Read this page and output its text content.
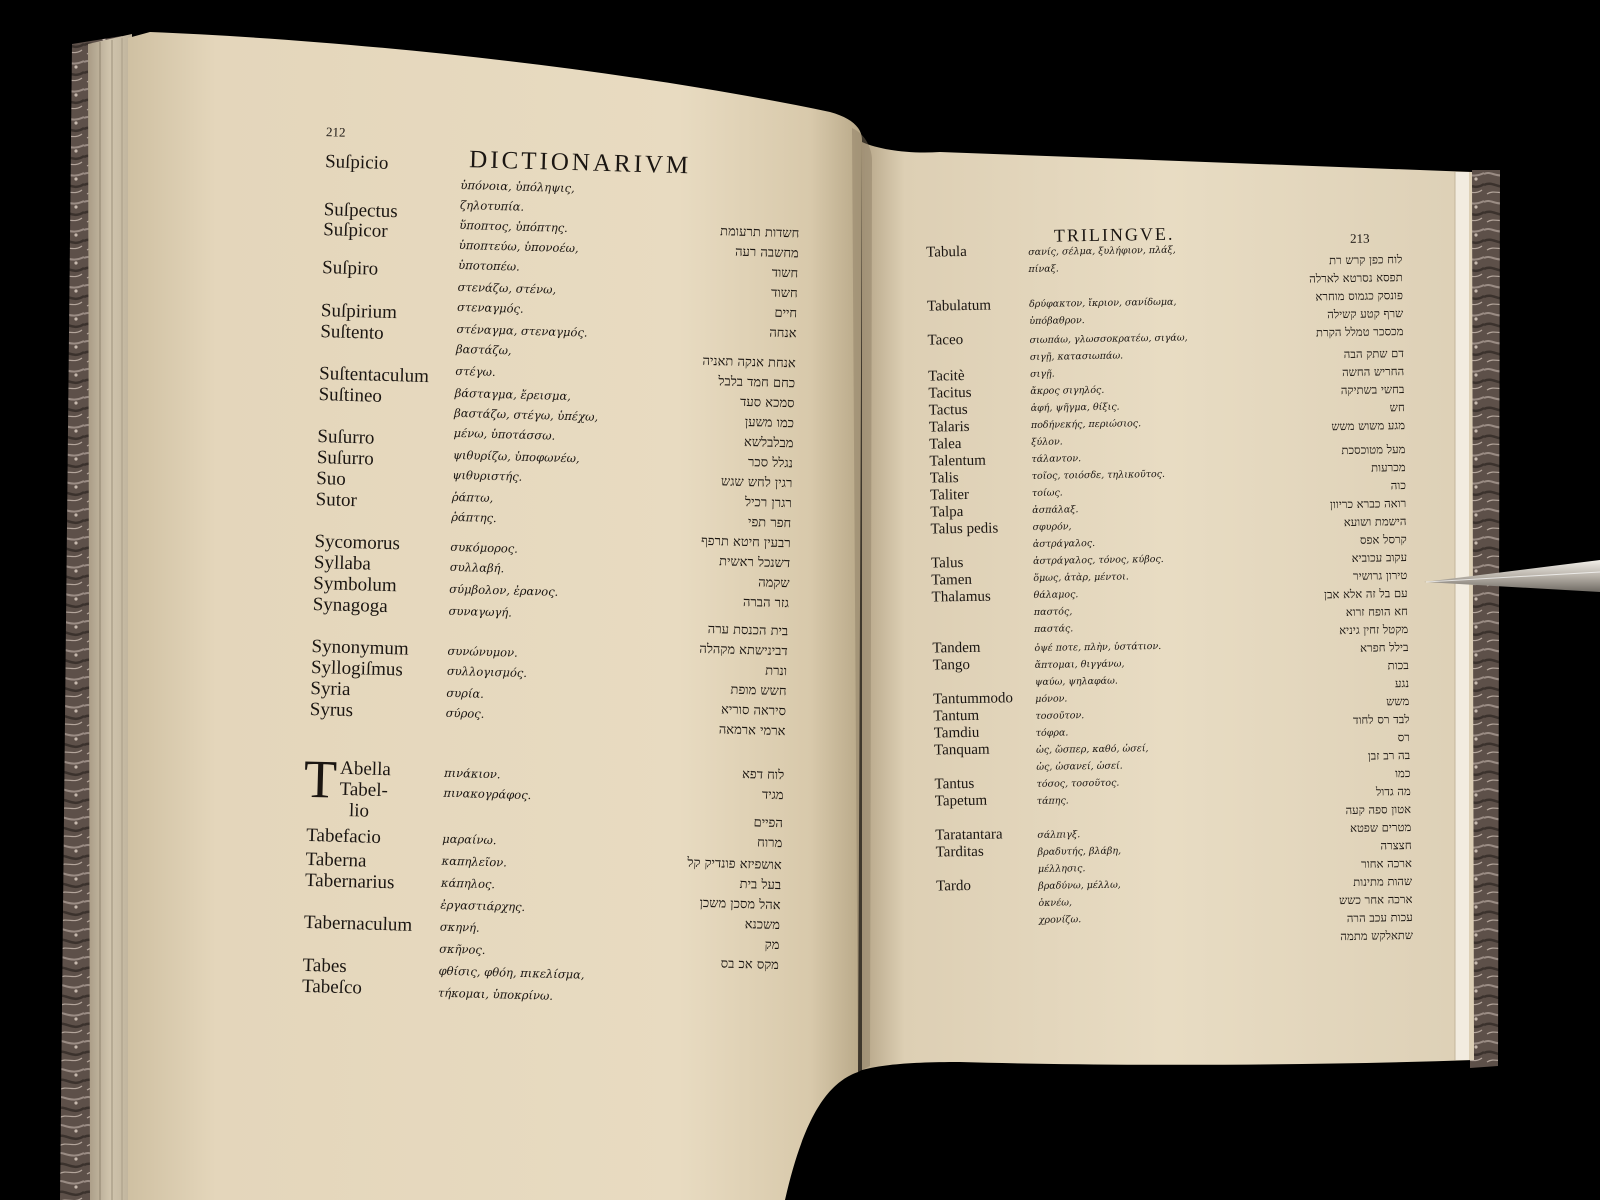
212
DICTIONARIVM
T
Suſpicio
Suſpectus
Suſpicor
Suſpiro
Suſpirium
Suſtento
Suſtentaculum
Suſtineo
Suſurro
Suſurro
Suo
Sutor
Sycomorus
Syllaba
Symbolum
Synagoga
Synonymum
Syllogiſmus
Syria
Syrus
Abella
Tabel-
lio
Tabefacio
Taberna
Tabernarius
Tabernaculum
Tabes
Tabeſco
ὑπόνοια, ὑπόληψις,
ζηλοτυπία.
ὕποπτος, ὑπόπτης.
ὑποπτεύω, ὑπονοέω,
ὑποτοπέω.
στενάζω, στένω,
στεναγμός.
στέναγμα, στεναγμός.
βαστάζω,
στέγω.
βάσταγμα, ἔρεισμα,
βαστάζω, στέγω, ὑπέχω,
μένω, ὑποτάσσω.
ψιθυρίζω, ὑποφωνέω,
ψιθυριστής.
ῥάπτω,
ῥάπτης.
συκόμορος.
συλλαβή.
σύμβολον, ἐρανος.
συναγωγή.
συνώνυμον.
συλλογισμός.
συρία.
σύρος.
πινάκιον.
πινακογράφος.
μαραίνω.
καπηλεῖον.
κάπηλος.
ἐργαστιάρχης.
σκηνή.
σκῆνος.
φθίσις, φθόη, πικελίσμα,
τήκομαι, ὑποκρίνω.
חשדות תרעומת
מחשבה רעה
חשוד
חשוד
חיים
אנחה
אנחת אנקה תאניה
כחם חמד בלבל
סמכא סעד
כמו משען
מבלבלשא
נגלל סכר
רגין לחש שגש
רגרן רכיל
חפר תפי
רבעין חיטא תרפף
דשנכל ראשית
שקמה
גזר הברה
בית הכנסת ערה
דבינישתא מקהלה
ונרת
חשש מופת
סיראה סוריא
ארמי ארמאה
לוח דפא
מגיד
הפיים
מרוח
אושפיזא פונדיק קל
בעל בית
אהל מסכן משכן
משכנא
מק
מקס אכ בס
TRILINGVE.	213
Tabula
Tabulatum
Taceo
Tacitè
Tacitus
Tactus
Talaris
Talea
Talentum
Talis
Taliter
Talpa
Talus pedis
Talus
Tamen
Thalamus
Tandem
Tango
Tantummodo
Tantum
Tamdiu
Tanquam
Tantus
Tapetum
Taratantara
Tarditas
Tardo
σανίς, σέλμα, ξυλήφιον, πλάξ,
πίναξ.
δρύφακτον, ἴκριον, σανίδωμα,
ὑπόβαθρον.
σιωπάω, γλωσσοκρατέω, σιγάω,
σιγῇ, κατασιωπάω.
σιγῇ.
ἄκρος σιγηλός.
ἁφή, ψῆγμα, θίξις.
ποδήνεκής, περιώσιος.
ξύλον.
τάλαντον.
τοῖος, τοιόσδε, τηλικοῦτος.
τοίως.
ἀσπάλαξ.
σφυρόν,
ἀστράγαλος.
ἀστράγαλος, τόνος, κύβος.
ὅμως, ἀτὰρ, μέντοι.
θάλαμος.
παστός,
παστάς.
ὀψέ ποτε, πλὴν, ὑστάτιον.
ἅπτομαι, θιγγάνω,
ψαύω, ψηλαφάω.
μόνον.
τοσοῦτον.
τόφρα.
ὡς, ὥσπερ, καθό, ὡσεί,
ὡς, ὡσανεί, ὡσεί.
τόσος, τοσοῦτος.
τάπης.
σάλπιγξ.
βραδυτής, βλάβη,
μέλλησις.
βραδύνω, μέλλω,
ὀκνέω,
χρονίζω.
לוח כפן קרש רת
תפסא נסרטא לארלה
פונסק כגמוס מוחרא
שרף קטע קשילה
מכסכר טמלל הקרת
דם שתק הבה
החריש החשה
בחשי בשתיקה
חש
מגע משוש משש
מעל מטוכסכת
מכרעות
כוה
רואה כברא כריוון
הישמת ושועא
קרסל אפס
עקוב עכוביא
טירון גרושיר
עם בל זה אלא אבן
חא הופח זרוא
מקטל זחין גיניא
בילל חפרא
בכות
נגע
משש
לבד רס לחוד
רס
בה רב זבן
כמו
מה גדול
אטון ספה קעה
מטרים שפטא
חצצרה
ארכה אחור
שהות מתינות
ארכה אחר כשש
עכות עכב הרה
שתאלקש מתמה
